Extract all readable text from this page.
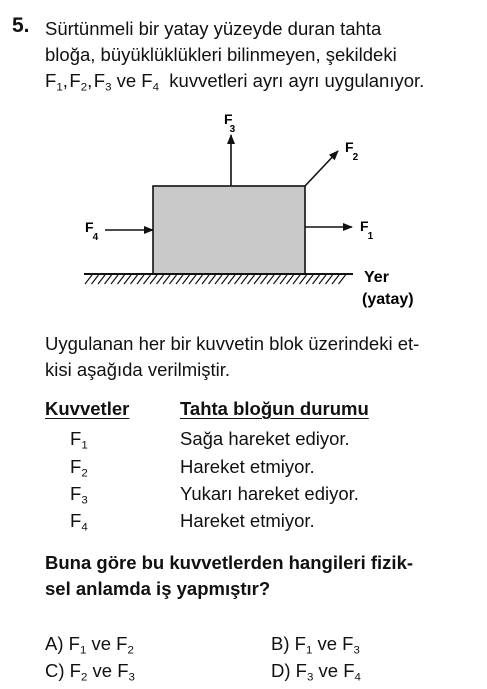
5. Sürtünmeli bir yatay yüzeyde duran tahta
bloğa, büyüklüklükleri bilinmeyen, şekildeki
$F_1$, $F_2$, $F_3$ ve $F_4$ kuvvetleri ayrı ayrı uygulanıyor.
F 3
F2
F1
F4
Yer
(yatay)
Uygulanan her bir kuvvetin blok üzerindeki et-
kisi aşağıda verilmiştir.
Kuvvetler	Tahta bloğun durumu
$F_1$	Sağa hareket ediyor.
$F_2$	Hareket etmiyor.
$F_3$	Yukarı hareket ediyor.
$F_4$	Hareket etmiyor.
Buna göre bu kuvvetlerden hangileri fizik-
sel anlamda iş yapmıştır?
A) $F_1$ ve $F_2$	B) $F_1$ ve $F_3$
C) $F_2$ ve $F_3$	D) $F_3$ ve $F_4$
